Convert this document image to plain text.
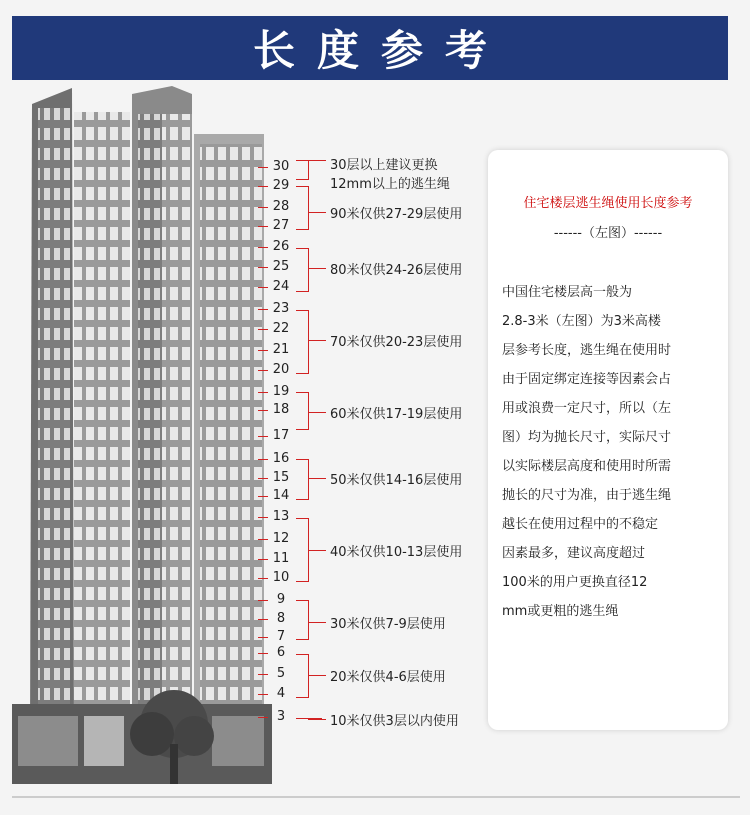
长度参考
住宅楼层逃生绳使用长度参考
------（左图）------
中国住宅楼层高一般为
2.8-3米（左图）为3米高楼
层参考长度，逃生绳在使用时
由于固定绑定连接等因素会占
用或浪费一定尺寸，所以（左
图）均为抛长尺寸，实际尺寸
以实际楼层高度和使用时所需
抛长的尺寸为准，由于逃生绳
越长在使用过程中的不稳定
因素最多，建议高度超过
100米的用户更换直径12
mm或更粗的逃生绳
30
29
28
27
26
25
24
23
22
21
20
19
18
17
16
15
14
13
12
11
10
9
8
7
6
5
4
3
30层以上建议更换
12mm以上的逃生绳
90米仅供27-29层使用
80米仅供24-26层使用
70米仅供20-23层使用
60米仅供17-19层使用
50米仅供14-16层使用
40米仅供10-13层使用
30米仅供7-9层使用
20米仅供4-6层使用
10米仅供3层以内使用
